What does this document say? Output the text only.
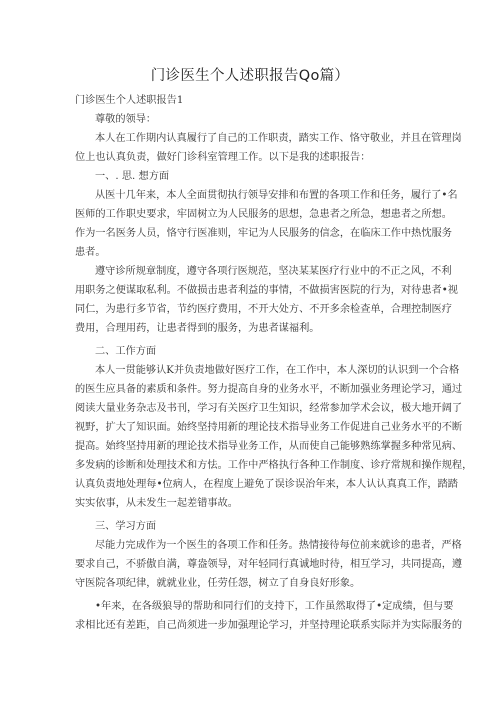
门诊医生个人述职报告Qo篇）
门诊医生个人述职报告1
尊敬的领导：
本人在工作期内认真履行了自己的工作职责，踏实工作、恪守敬业，并且在管理岗
位上也认真负责，做好门诊科室管理工作。以下是我的述职报告：
一、. 思. 想方面
从医十几年来，本人全面贯彻执行领导安排和布置的各项工作和任务，履行了•名
医师的工作职史要求，牢固树立为人民服务的思想，急患者之所急，想患者之所想。
作为一名医务人员，恪守行医准则，牢记为人民服务的信念，在临床工作中热忱服务
患者。
遵守诊所规章制度，遵守各项行医规范，坚决某某医疗行业中的不正之风，不利
用职务之便谋取私利。不做损击患者利益的事情，不做损害医院的行为，对待患者•视
同仁，为患行多节省，节约医疗费用，不开大处方、不开多余检查单，合理控制医疗
费用，合理用药，让患者得到的服务，为患者谋福利。
二、工作方面
本人一贯能够认K并负责地做好医疗工作，在工作中，本人深切的认识到一个合格
的医生应具备的素质和条件。努力提高自身的业务水平，不断加强业务理论学习，通过
阅读大量业务杂志及书刊，学习有关医疗卫生知识，经常参加学术会议，极大地开阔了
视野，扩大了知识面。始终坚持用新的理论技术指导业务工作促进自己业务水平的不断
提高。始终坚持用新的理论技术指导业务工作，从而使自己能够熟练掌握多种常见病、
多发病的诊断和处理技术和方怯。工作中严格执行各种工作制度、诊疗常规和操作规程，
认真负责地处理每•位病人，在程度上避免了误诊误治年来，本人认认真真工作，踏踏
实实依事，从未发生一起差错事故。
三、学习方面
尽能力完成作为一个医生的各项工作和任务。热情接待每位前来就诊的患者，严格
要求自己，不骄傲自满，尊盎领导，对年轻同行真诚地时待，相互学习，共同提高，遵
守医院各项纪律，就就业业，任劳任怨，树立了自身良好形象。
•年来，在各级狼导的帮助和同行们的支持下，工作虽然取得了•定成绩，但与要
求相比还有差距，自己尚须进一步加强理论学习，并坚持理论联系实际并为实际服务的
